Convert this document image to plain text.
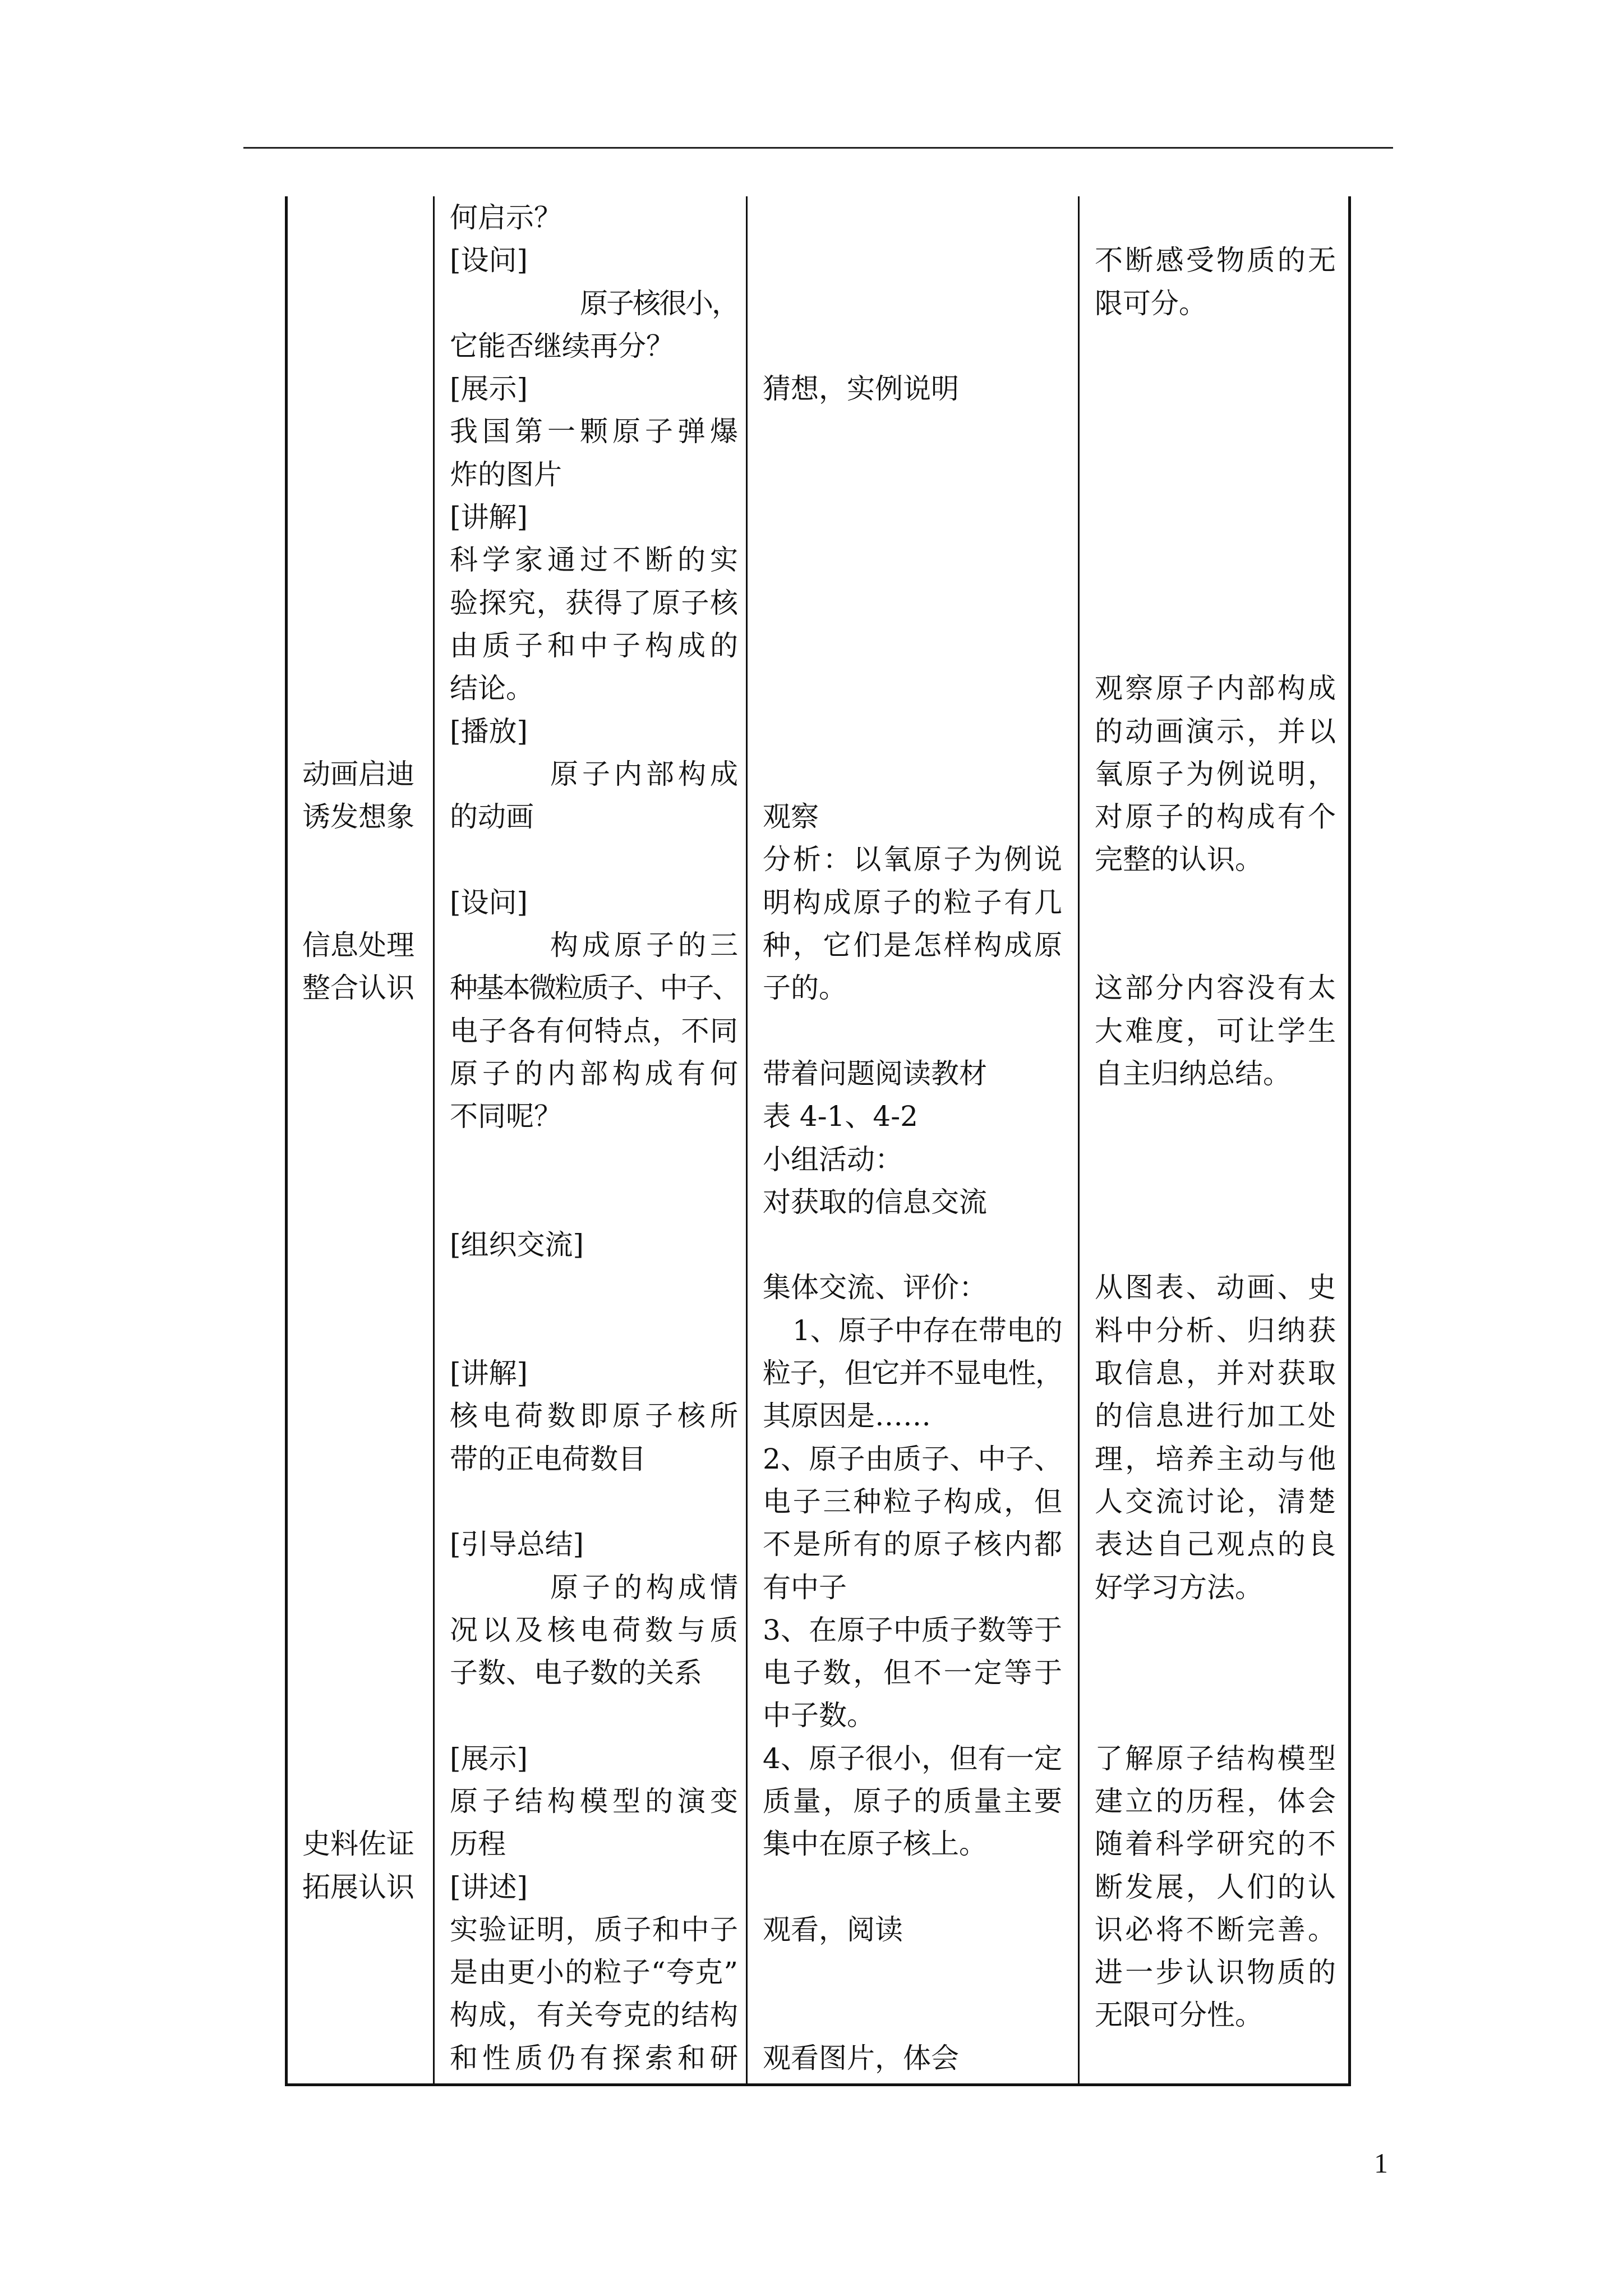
动画启迪
诱发想象
信息处理
整合认识
史料佐证
拓展认识
何启示？
[设问]
原子核很小，
它能否继续再分？
[展示]
我国第一颗原子弹爆
炸的图片
[讲解]
科学家通过不断的实
验探究，获得了原子核
由质子和中子构成的
结论。
[播放]
原子内部构成
的动画
[设问]
构成原子的三
种基本微粒质子、中子、
电子各有何特点，不同
原子的内部构成有何
不同呢？
[组织交流]
[讲解]
核电荷数即原子核所
带的正电荷数目
[引导总结]
原子的构成情
况以及核电荷数与质
子数、电子数的关系
[展示]
原子结构模型的演变
历程
[讲述]
实验证明，质子和中子
是由更小的粒子“夸克”
构成，有关夸克的结构
和性质仍有探索和研
猜想，实例说明
观察
分析：以氧原子为例说
明构成原子的粒子有几
种，它们是怎样构成原
子的。
带着问题阅读教材
表 4-1、4-2
小组活动：
对获取的信息交流
集体交流、评价：
1、原子中存在带电的
粒子，但它并不显电性，
其原因是……
2、原子由质子、中子、
电子三种粒子构成，但
不是所有的原子核内都
有中子
3、在原子中质子数等于
电子数，但不一定等于
中子数。
4、原子很小，但有一定
质量，原子的质量主要
集中在原子核上。
观看，阅读
观看图片，体会
不断感受物质的无
限可分。
观察原子内部构成
的动画演示，并以
氧原子为例说明，
对原子的构成有个
完整的认识。
这部分内容没有太
大难度，可让学生
自主归纳总结。
从图表、动画、史
料中分析、归纳获
取信息，并对获取
的信息进行加工处
理，培养主动与他
人交流讨论，清楚
表达自己观点的良
好学习方法。
了解原子结构模型
建立的历程，体会
随着科学研究的不
断发展，人们的认
识必将不断完善。
进一步认识物质的
无限可分性。
1
